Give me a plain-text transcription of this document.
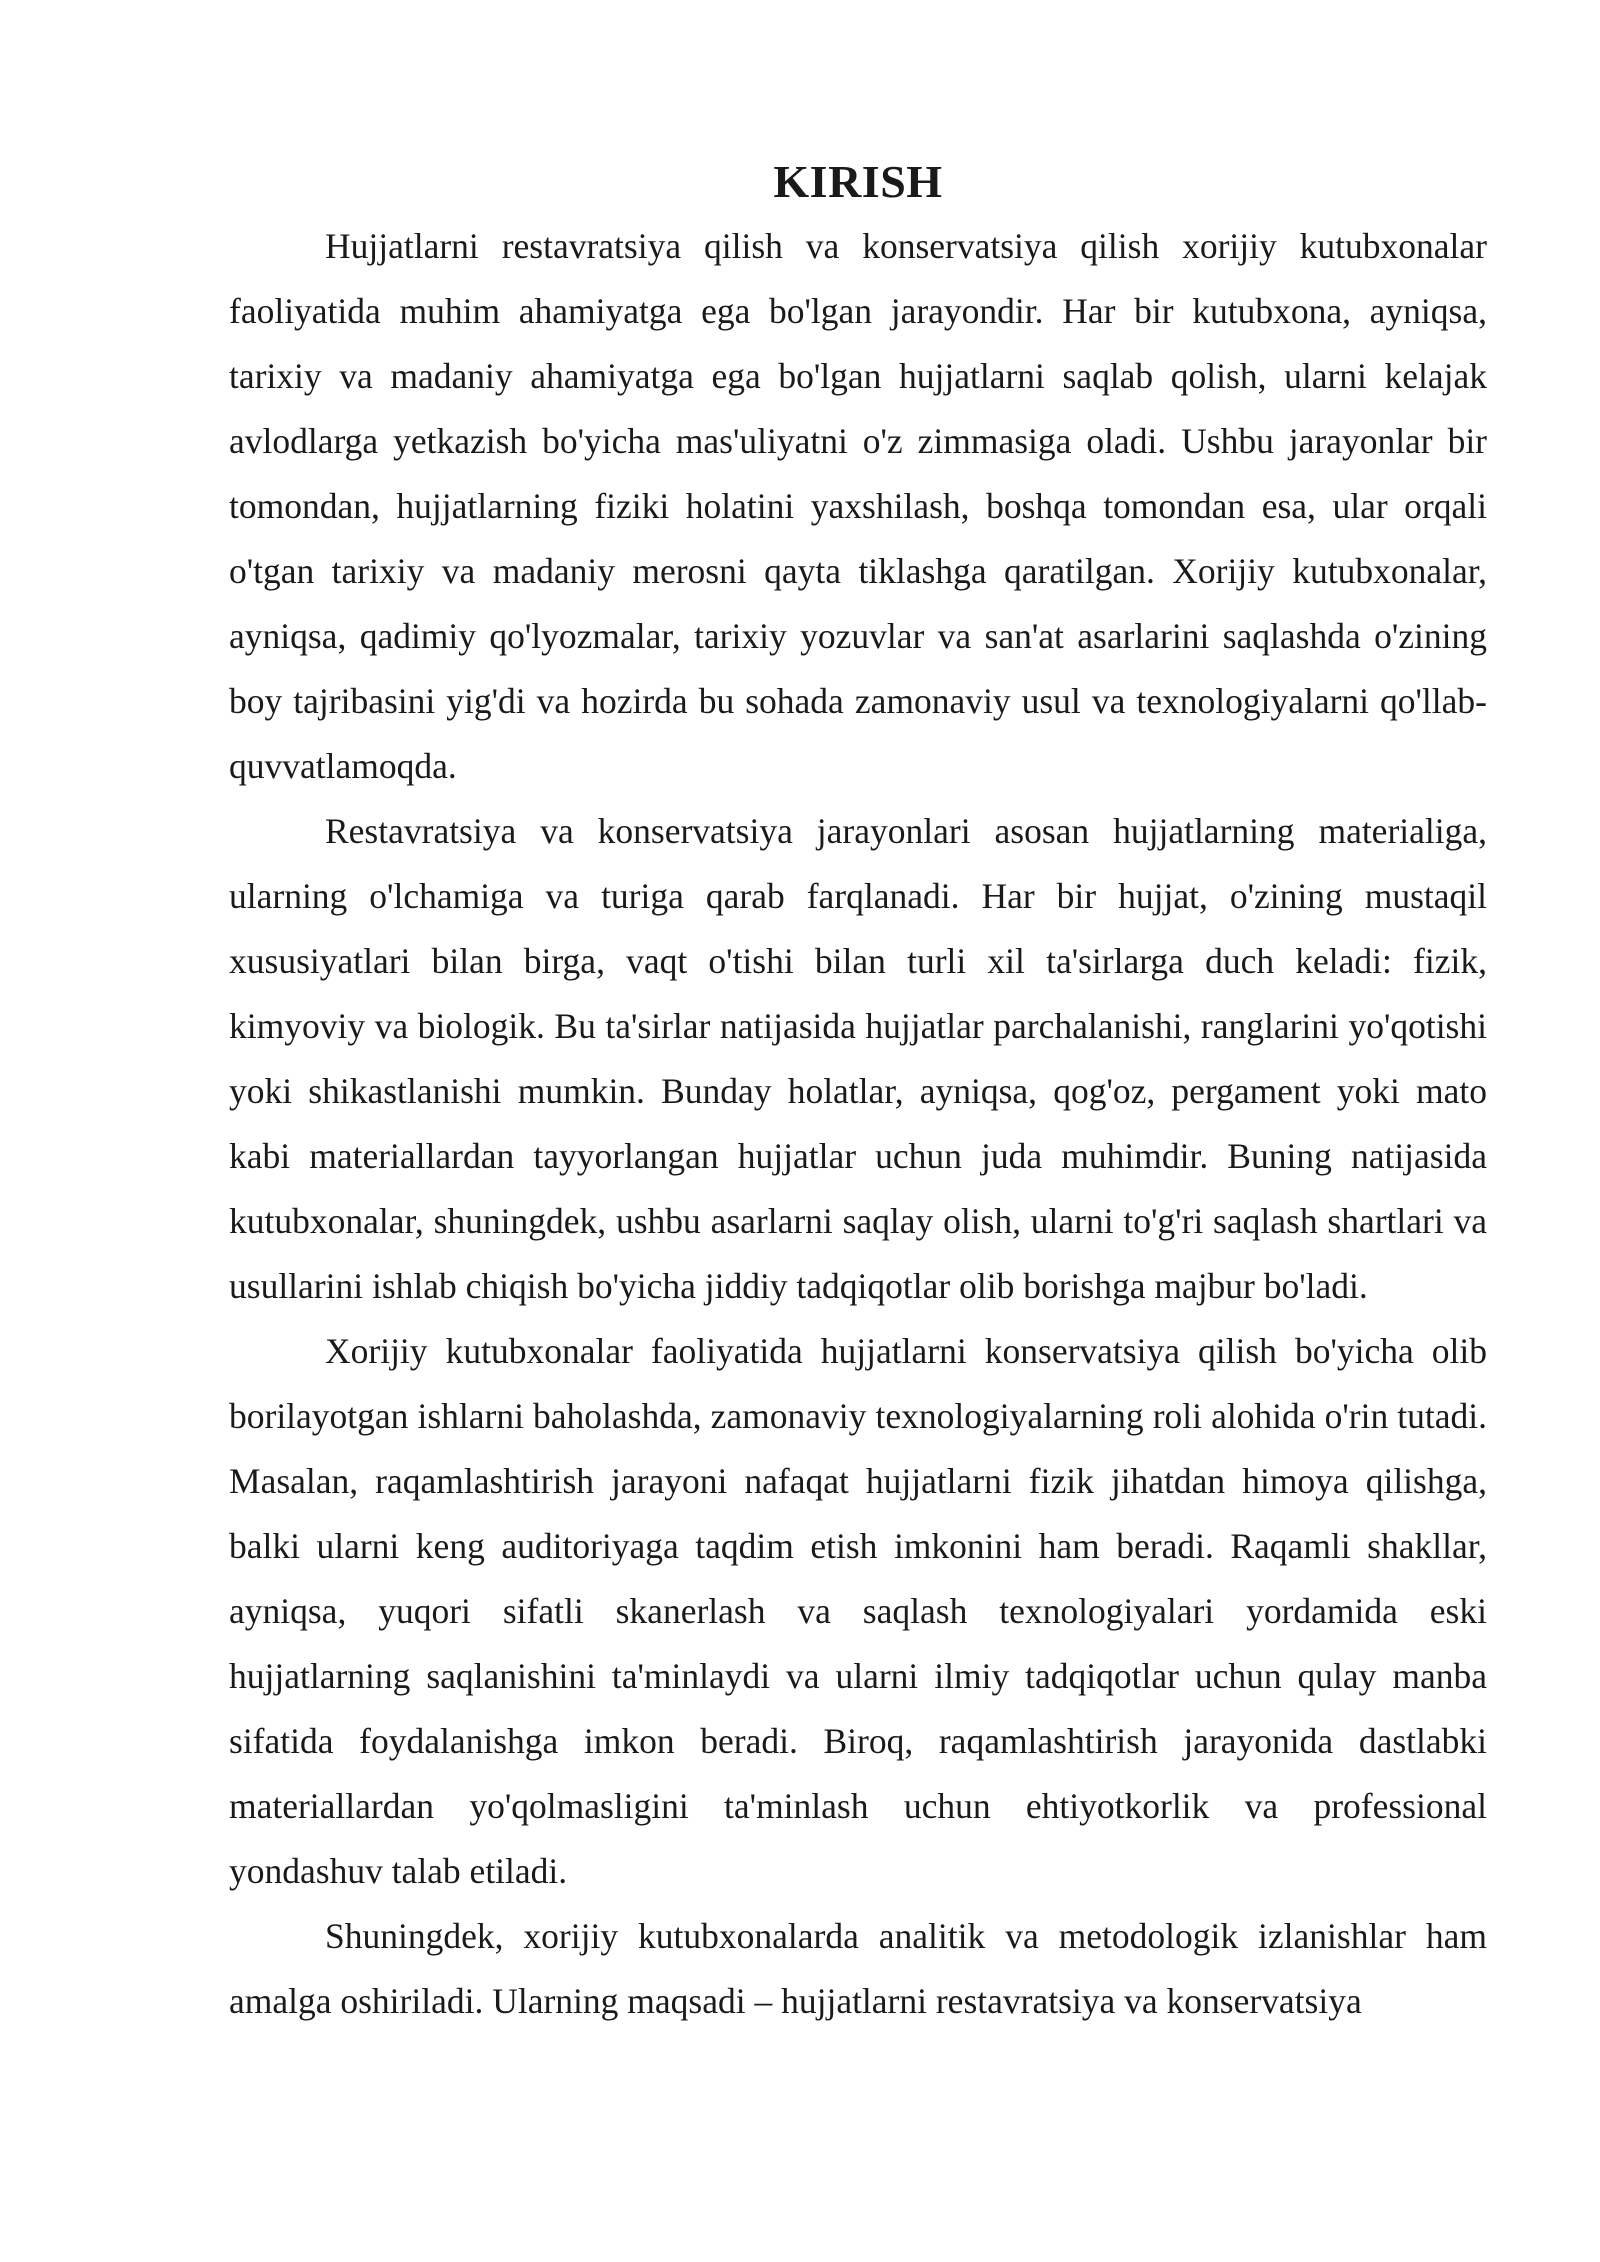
KIRISH

Hujjatlarni restavratsiya qilish va konservatsiya qilish xorijiy kutubxonalar faoliyatida muhim ahamiyatga ega bo'lgan jarayondir. Har bir kutubxona, ayniqsa, tarixiy va madaniy ahamiyatga ega bo'lgan hujjatlarni saqlab qolish, ularni kelajak avlodlarga yetkazish bo'yicha mas'uliyatni o'z zimmasiga oladi. Ushbu jarayonlar bir tomondan, hujjatlarning fiziki holatini yaxshilash, boshqa tomondan esa, ular orqali o'tgan tarixiy va madaniy merosni qayta tiklashga qaratilgan. Xorijiy kutubxonalar, ayniqsa, qadimiy qo'lyozmalar, tarixiy yozuvlar va san'at asarlarini saqlashda o'zining boy tajribasini yig'di va hozirda bu sohada zamonaviy usul va texnologiyalarni qo'llab-quvvatlamoqda.

Restavratsiya va konservatsiya jarayonlari asosan hujjatlarning materialiga, ularning o'lchamiga va turiga qarab farqlanadi. Har bir hujjat, o'zining mustaqil xususiyatlari bilan birga, vaqt o'tishi bilan turli xil ta'sirlarga duch keladi: fizik, kimyoviy va biologik. Bu ta'sirlar natijasida hujjatlar parchalanishi, ranglarini yo'qotishi yoki shikastlanishi mumkin. Bunday holatlar, ayniqsa, qog'oz, pergament yoki mato kabi materiallardan tayyorlangan hujjatlar uchun juda muhimdir. Buning natijasida kutubxonalar, shuningdek, ushbu asarlarni saqlay olish, ularni to'g'ri saqlash shartlari va usullarini ishlab chiqish bo'yicha jiddiy tadqiqotlar olib borishga majbur bo'ladi.

Xorijiy kutubxonalar faoliyatida hujjatlarni konservatsiya qilish bo'yicha olib borilayotgan ishlarni baholashda, zamonaviy texnologiyalarning roli alohida o'rin tutadi. Masalan, raqamlashtirish jarayoni nafaqat hujjatlarni fizik jihatdan himoya qilishga, balki ularni keng auditoriyaga taqdim etish imkonini ham beradi. Raqamli shakllar, ayniqsa, yuqori sifatli skanerlash va saqlash texnologiyalari yordamida eski hujjatlarning saqlanishini ta'minlaydi va ularni ilmiy tadqiqotlar uchun qulay manba sifatida foydalanishga imkon beradi. Biroq, raqamlashtirish jarayonida dastlabki materiallardan yo'qolmasligini ta'minlash uchun ehtiyotkorlik va professional yondashuv talab etiladi.

Shuningdek, xorijiy kutubxonalarda analitik va metodologik izlanishlar ham amalga oshiriladi. Ularning maqsadi – hujjatlarni restavratsiya va konservatsiya
